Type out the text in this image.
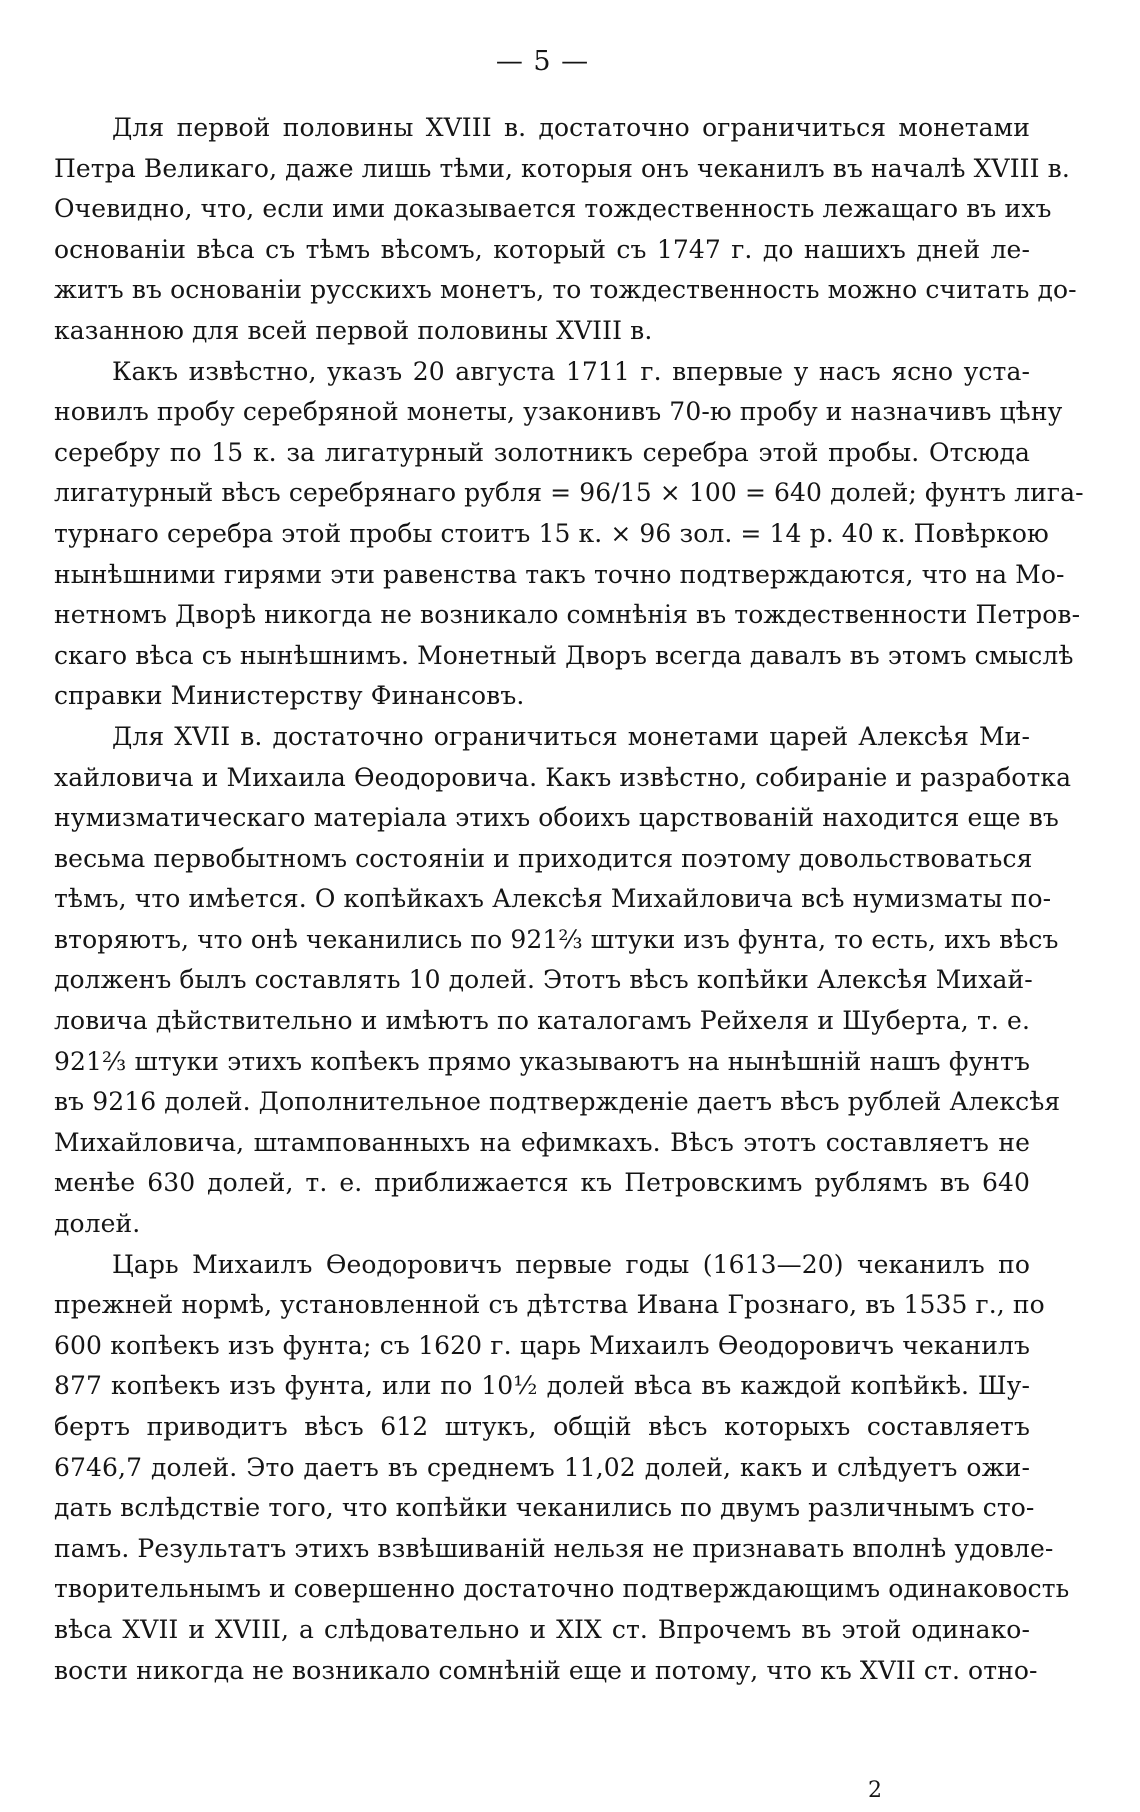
— 5 —
Для первой половины XVIII в. достаточно ограничиться монетами
Петра Великаго, даже лишь тѣми, которыя онъ чеканилъ въ началѣ XVIII в.
Очевидно, что, если ими доказывается тождественность лежащаго въ ихъ
основаніи вѣса съ тѣмъ вѣсомъ, который съ 1747 г. до нашихъ дней ле-
житъ въ основаніи русскихъ монетъ, то тождественность можно считать до-
казанною для всей первой половины XVIII в.
Какъ извѣстно, указъ 20 августа 1711 г. впервые у насъ ясно уста-
новилъ пробу серебряной монеты, узаконивъ 70-ю пробу и назначивъ цѣну
серебру по 15 к. за лигатурный золотникъ серебра этой пробы. Отсюда
лигатурный вѣсъ серебрянаго рубля = 96/15 × 100 = 640 долей; фунтъ лига-
турнаго серебра этой пробы стоитъ 15 к. × 96 зол. = 14 р. 40 к. Повѣркою
нынѣшними гирями эти равенства такъ точно подтверждаются, что на Мо-
нетномъ Дворѣ никогда не возникало сомнѣнія въ тождественности Петров-
скаго вѣса съ нынѣшнимъ. Монетный Дворъ всегда давалъ въ этомъ смыслѣ
справки Министерству Финансовъ.
Для XVII в. достаточно ограничиться монетами царей Алексѣя Ми-
хайловича и Михаила Ѳеодоровича. Какъ извѣстно, собираніе и разработка
нумизматическаго матеріала этихъ обоихъ царствованій находится еще въ
весьма первобытномъ состояніи и приходится поэтому довольствоваться
тѣмъ, что имѣется. О копѣйкахъ Алексѣя Михайловича всѣ нумизматы по-
вторяютъ, что онѣ чеканились по 921⅔ штуки изъ фунта, то есть, ихъ вѣсъ
долженъ былъ составлять 10 долей. Этотъ вѣсъ копѣйки Алексѣя Михай-
ловича дѣйствительно и имѣютъ по каталогамъ Рейхеля и Шуберта, т. е.
921⅔ штуки этихъ копѣекъ прямо указываютъ на нынѣшній нашъ фунтъ
въ 9216 долей. Дополнительное подтвержденіе даетъ вѣсъ рублей Алексѣя
Михайловича, штампованныхъ на ефимкахъ. Вѣсъ этотъ составляетъ не
менѣе 630 долей, т. е. приближается къ Петровскимъ рублямъ въ 640
долей.
Царь Михаилъ Ѳеодоровичъ первые годы (1613—20) чеканилъ по
прежней нормѣ, установленной съ дѣтства Ивана Грознаго, въ 1535 г., по
600 копѣекъ изъ фунта; съ 1620 г. царь Михаилъ Ѳеодоровичъ чеканилъ
877 копѣекъ изъ фунта, или по 10½ долей вѣса въ каждой копѣйкѣ. Шу-
бертъ приводитъ вѣсъ 612 штукъ, общій вѣсъ которыхъ составляетъ
6746,7 долей. Это даетъ въ среднемъ 11,02 долей, какъ и слѣдуетъ ожи-
дать вслѣдствіе того, что копѣйки чеканились по двумъ различнымъ сто-
памъ. Результатъ этихъ взвѣшиваній нельзя не признавать вполнѣ удовле-
творительнымъ и совершенно достаточно подтверждающимъ одинаковость
вѣса XVII и XVIII, а слѣдовательно и XIX ст. Впрочемъ въ этой одинако-
вости никогда не возникало сомнѣній еще и потому, что къ XVII ст. отно-
2
